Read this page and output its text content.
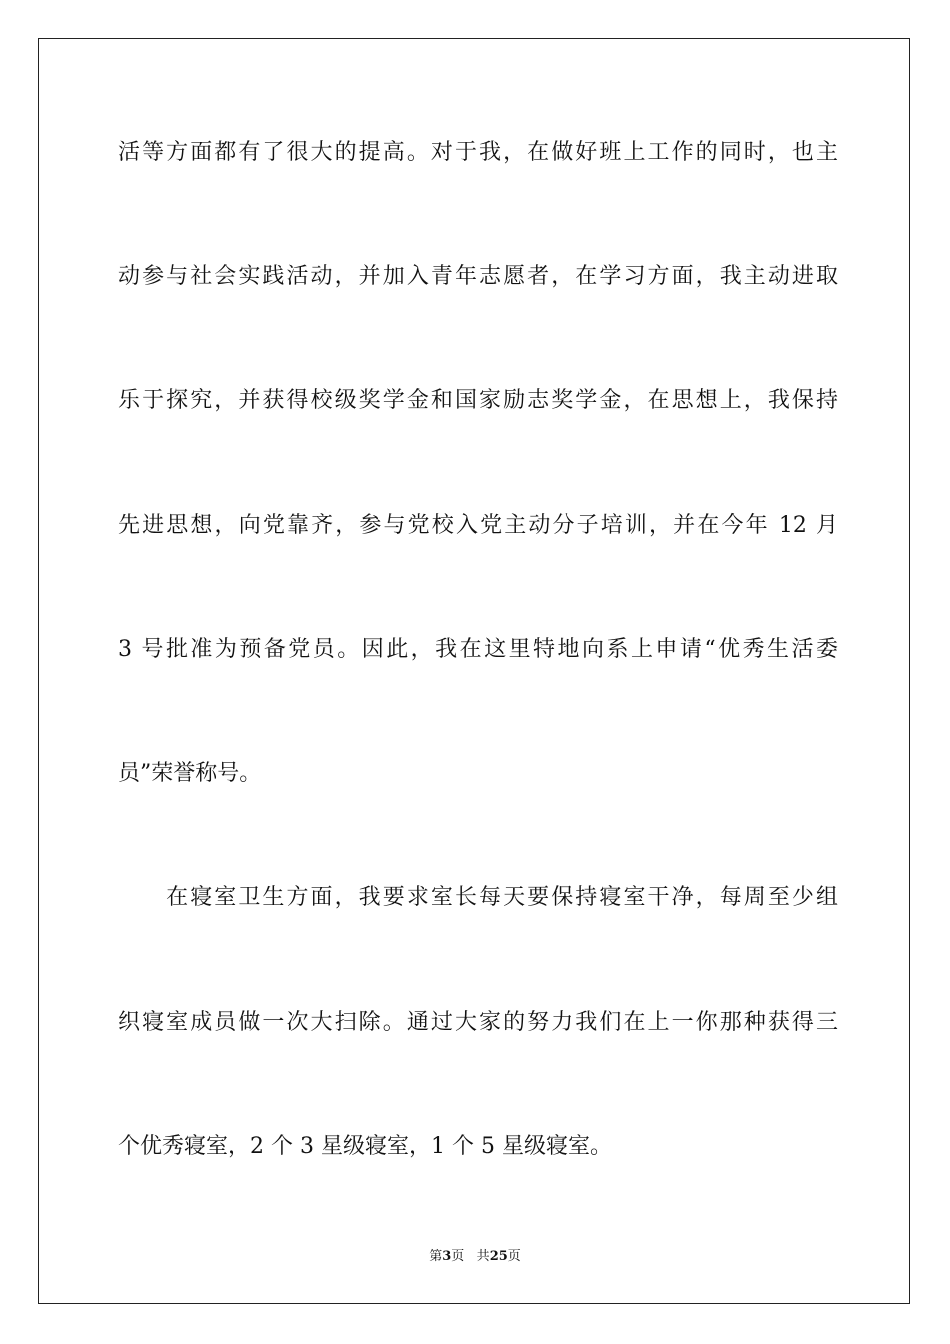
活等方面都有了很大的提高。对于我，在做好班上工作的同时，也主
动参与社会实践活动，并加入青年志愿者，在学习方面，我主动进取
乐于探究，并获得校级奖学金和国家励志奖学金，在思想上，我保持
先进思想，向党靠齐，参与党校入党主动分子培训，并在今年 12 月
3 号批准为预备党员。因此，我在这里特地向系上申请“优秀生活委
员”荣誉称号。
　　在寝室卫生方面，我要求室长每天要保持寝室干净，每周至少组
织寝室成员做一次大扫除。通过大家的努力我们在上一你那种获得三
个优秀寝室，2 个 3 星级寝室，1 个 5 星级寝室。
第3页 共25页
